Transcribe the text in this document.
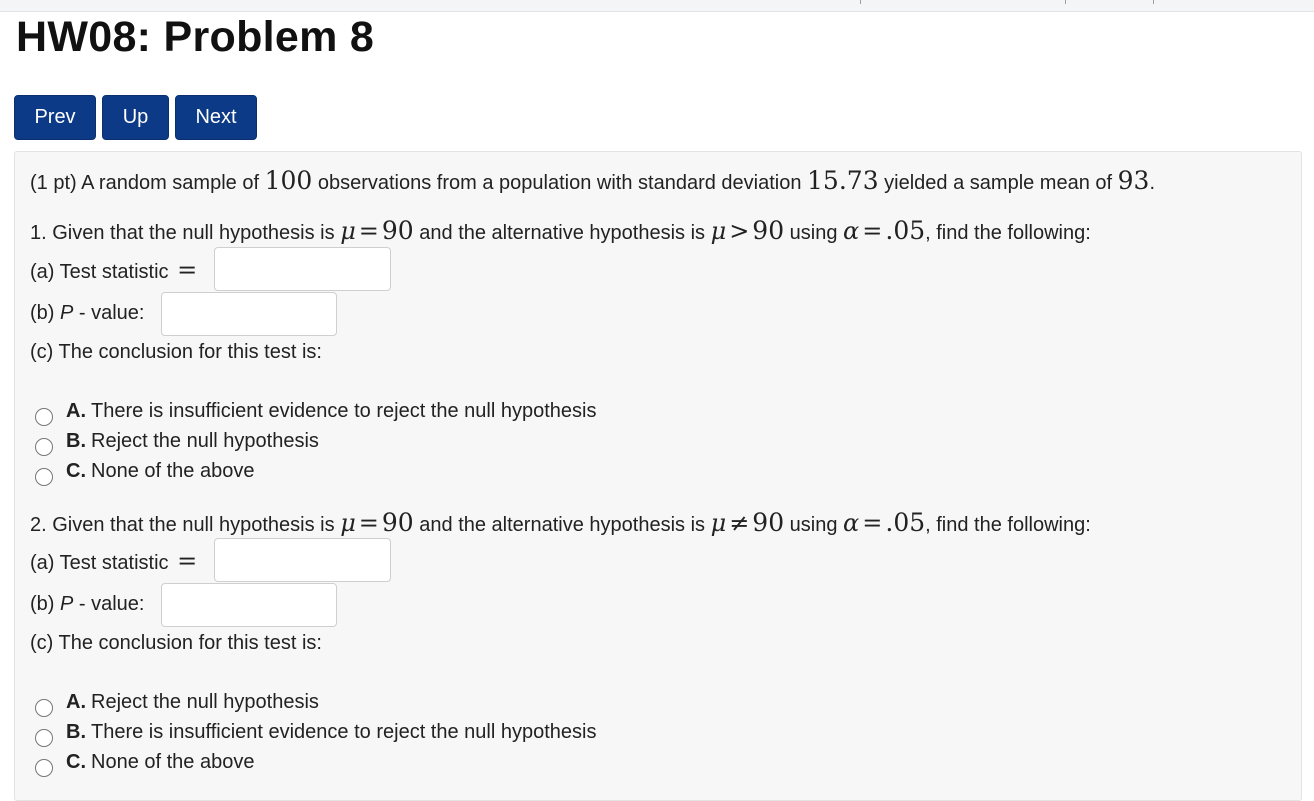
HW08: Problem 8
Prev	Up	Next
(1 pt) A random sample of 100 observations from a population with standard deviation 15.73 yielded a sample mean of 93.
1. Given that the null hypothesis is μ = 90 and the alternative hypothesis is μ > 90 using α = .05, find the following:
(a) Test statistic =
(b) P - value:
(c) The conclusion for this test is:
A. There is insufficient evidence to reject the null hypothesis
B. Reject the null hypothesis
C. None of the above
2. Given that the null hypothesis is μ = 90 and the alternative hypothesis is μ ≠ 90 using α = .05, find the following:
(a) Test statistic =
(b) P - value:
(c) The conclusion for this test is:
A. Reject the null hypothesis
B. There is insufficient evidence to reject the null hypothesis
C. None of the above
